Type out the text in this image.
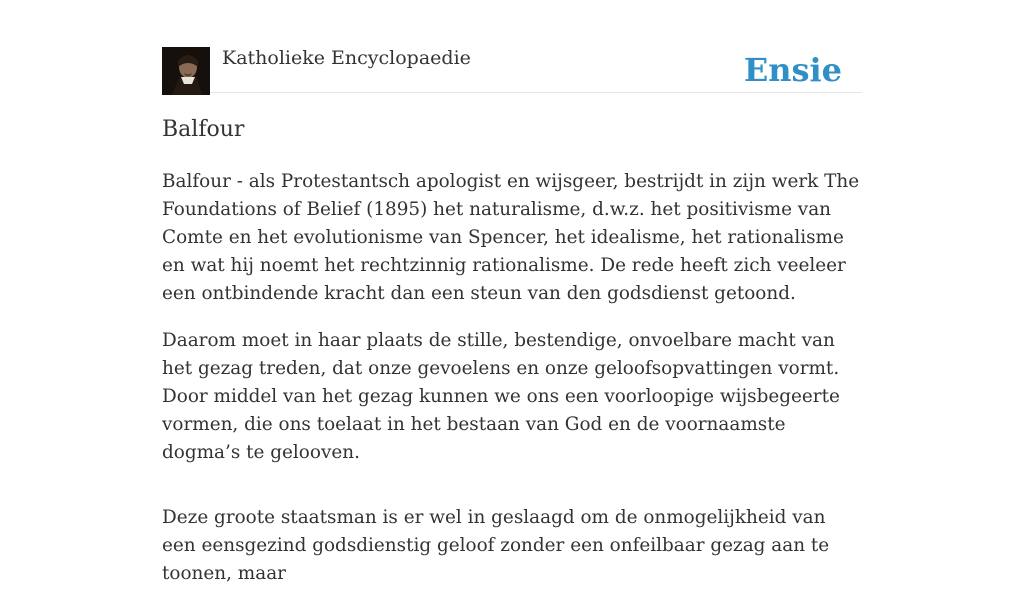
Katholieke Encyclopaedie	Ensie
Balfour

Balfour - als Protestantsch apologist en wijsgeer, bestrijdt in zijn werk The Foundations of Belief (1895) het naturalisme, d.w.z. het positivisme van Comte en het evolutionisme van Spencer, het idealisme, het rationalisme en wat hij noemt het rechtzinnig rationalisme. De rede heeft zich veeleer een ontbindende kracht dan een steun van den godsdienst getoond.

Daarom moet in haar plaats de stille, bestendige, onvoelbare macht van het gezag treden, dat onze gevoelens en onze geloofsopvattingen vormt. Door middel van het gezag kunnen we ons een voorloopige wijsbegeerte vormen, die ons toelaat in het bestaan van God en de voornaamste dogma’s te gelooven.

Deze groote staatsman is er wel in geslaagd om de onmogelijkheid van een eensgezind godsdienstig geloof zonder een onfeilbaar gezag aan te toonen, maar
